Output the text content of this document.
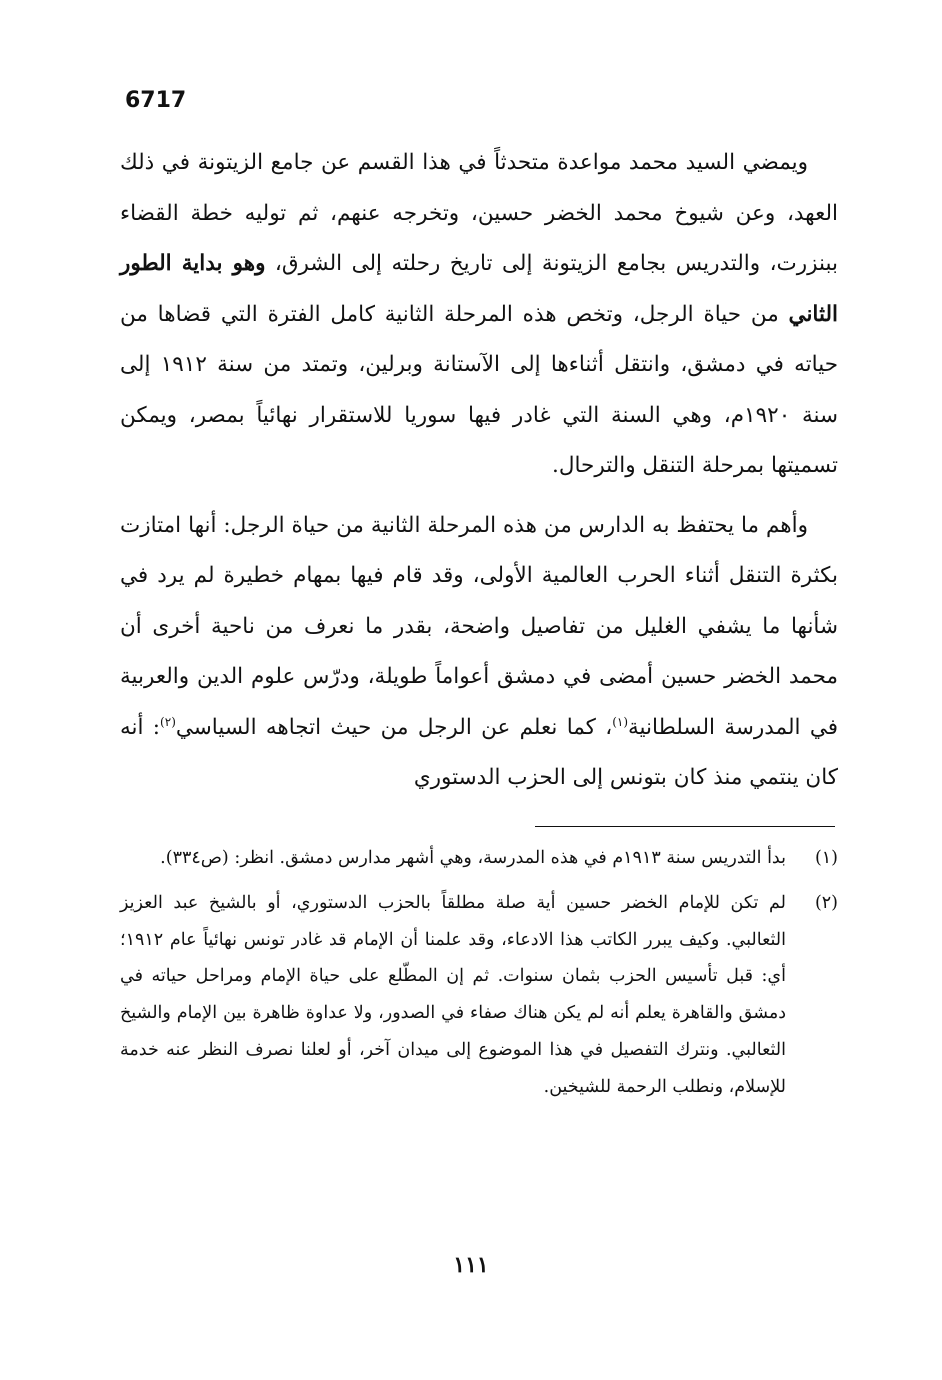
6717

ويمضي السيد محمد مواعدة متحدثاً في هذا القسم عن جامع الزيتونة في ذلك العهد، وعن شيوخ محمد الخضر حسين، وتخرجه عنهم، ثم توليه خطة القضاء ببنزرت، والتدريس بجامع الزيتونة إلى تاريخ رحلته إلى الشرق، وهو بداية الطور الثاني من حياة الرجل، وتخص هذه المرحلة الثانية كامل الفترة التي قضاها من حياته في دمشق، وانتقل أثناءها إلى الآستانة وبرلين، وتمتد من سنة ١٩١٢ إلى سنة ١٩٢٠م، وهي السنة التي غادر فيها سوريا للاستقرار نهائياً بمصر، ويمكن تسميتها بمرحلة التنقل والترحال.

وأهم ما يحتفظ به الدارس من هذه المرحلة الثانية من حياة الرجل: أنها امتازت بكثرة التنقل أثناء الحرب العالمية الأولى، وقد قام فيها بمهام خطيرة لم يرد في شأنها ما يشفي الغليل من تفاصيل واضحة، بقدر ما نعرف من ناحية أخرى أن محمد الخضر حسين أمضى في دمشق أعواماً طويلة، ودرّس علوم الدين والعربية في المدرسة السلطانية$^{(١)}$، كما نعلم عن الرجل من حيث اتجاهه السياسي$^{(٢)}$: أنه كان ينتمي منذ كان بتونس إلى الحزب الدستوري

(١)
بدأ التدريس سنة ١٩١٣م في هذه المدرسة، وهي أشهر مدارس دمشق. انظر: (ص٣٣٤).
(٢)
لم تكن للإمام الخضر حسين أية صلة مطلقاً بالحزب الدستوري، أو بالشيخ عبد العزيز الثعالبي. وكيف يبرر الكاتب هذا الادعاء، وقد علمنا أن الإمام قد غادر تونس نهائياً عام ١٩١٢؛ أي: قبل تأسيس الحزب بثمان سنوات. ثم إن المطّلع على حياة الإمام ومراحل حياته في دمشق والقاهرة يعلم أنه لم يكن هناك صفاء في الصدور، ولا عداوة ظاهرة بين الإمام والشيخ الثعالبي. ونترك التفصيل في هذا الموضوع إلى ميدان آخر، أو لعلنا نصرف النظر عنه خدمة للإسلام، ونطلب الرحمة للشيخين.
١١١
